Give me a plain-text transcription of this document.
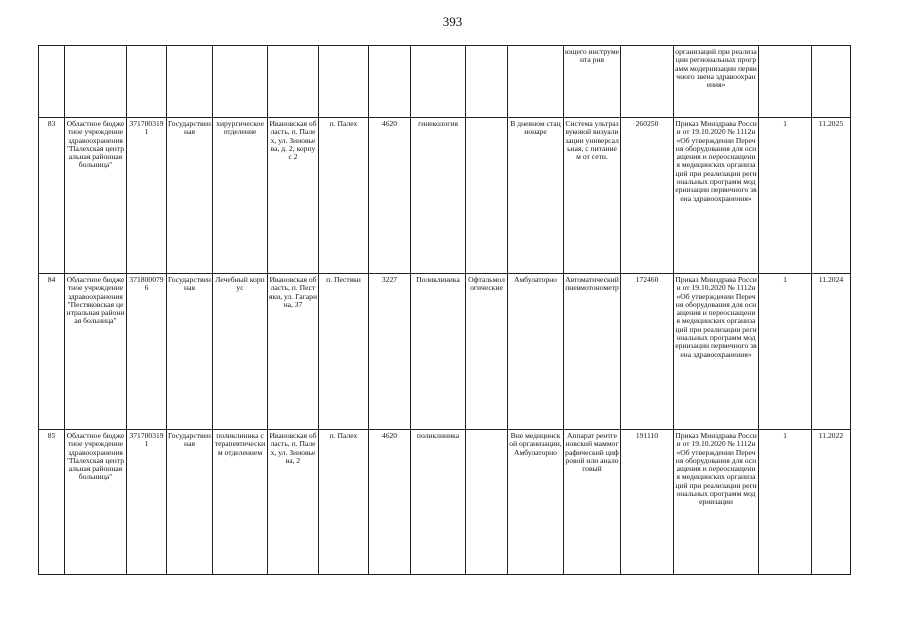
393
											ющего инструмента рия		организаций при реализации региональных программ модернизации первичного звена здравоохранения»		
83	Областное бюджетное учреждение здравоохранения "Палехская центральная районная больница"	3717003191	Государственная	хирургическое отделение	Ивановская область, п. Палех, ул. Зиновьева, д. 2, корпус 2	п. Палех	4620	гинекология		В дневном стационаре	Система ультразвуковой визуализации универсальная, с питанием от сети.	260250	Приказ Минздрава России от 19.10.2020 № 1112н «Об утверждении Перечня оборудования для оснащения и переоснащения медицинских организаций при реализации региональных программ модернизации первичного звена здравоохранения»	1	11.2025
84	Областное бюджетное учреждение здравоохранения "Пестяковская центральная районная больница"	3718000796	Государственная	Лечебный корпус	Ивановская область, п. Пестяки, ул. Гагарина, 37	п. Пестяки	3227	Поликлиника	Офтальмологические	Амбулаторно	Автоматический пневмотонометр	172460	Приказ Минздрава России от 19.10.2020 № 1112н «Об утверждении Перечня оборудования для оснащения и переоснащения медицинских организаций при реализации региональных программ модернизации первичного звена здравоохранения»	1	11.2024
85	Областное бюджетное учреждение здравоохранения "Палехская центральная районная больница"	3717003191	Государственная	поликлиника с терапевтическим отделением	Ивановская область, п. Палех, ул. Зиновьева, 2	п. Палех	4620	поликлиника		Вне медицинской организации, Амбулаторно	Аппарат рентгеновский маммографический цифровой или аналоговый	191110	Приказ Минздрава России от 19.10.2020 № 1112н «Об утверждении Перечня оборудования для оснащения и переоснащения медицинских организаций при реализации региональных программ модернизации	1	11.2022
